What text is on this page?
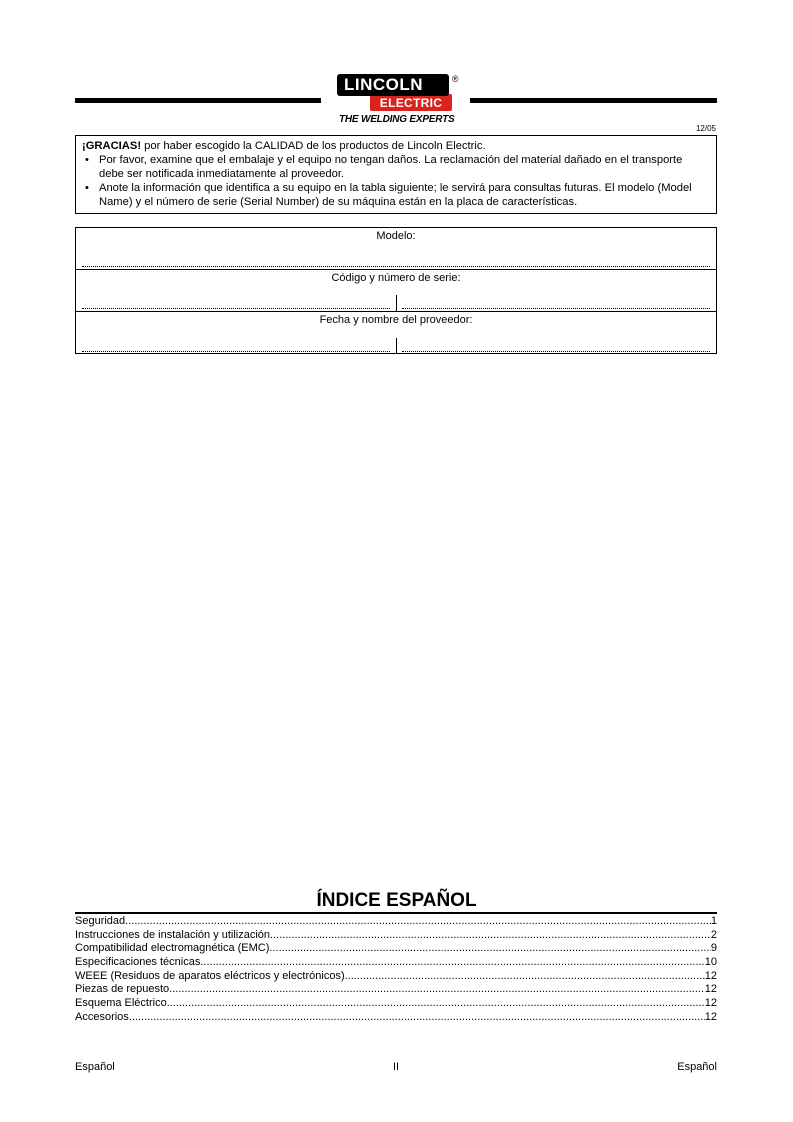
LINCOLN	®
ELECTRIC
THE WELDING EXPERTS
12/05

¡GRACIAS! por haber escogido la CALIDAD de los productos de Lincoln Electric.

• Por favor, examine que el embalaje y el equipo no tengan daños. La reclamación del material dañado en el transporte debe ser notificada inmediatamente al proveedor.
• Anote la información que identifica a su equipo en la tabla siguiente; le servirá para consultas futuras. El modelo (Model Name) y el número de serie (Serial Number) de su máquina están en la placa de características.
Modelo:
Código y número de serie:
Fecha y nombre del proveedor:
ÍNDICE ESPAÑOL
Seguridad .....	1
Instrucciones de instalación y utilización .....	2
Compatibilidad electromagnética (EMC) .....	9
Especificaciones técnicas .....	10
WEEE (Residuos de aparatos eléctricos y electrónicos) .....	12
Piezas de repuesto .....	12
Esquema Eléctrico .....	12
Accesorios .....	12
Español	II	Español
